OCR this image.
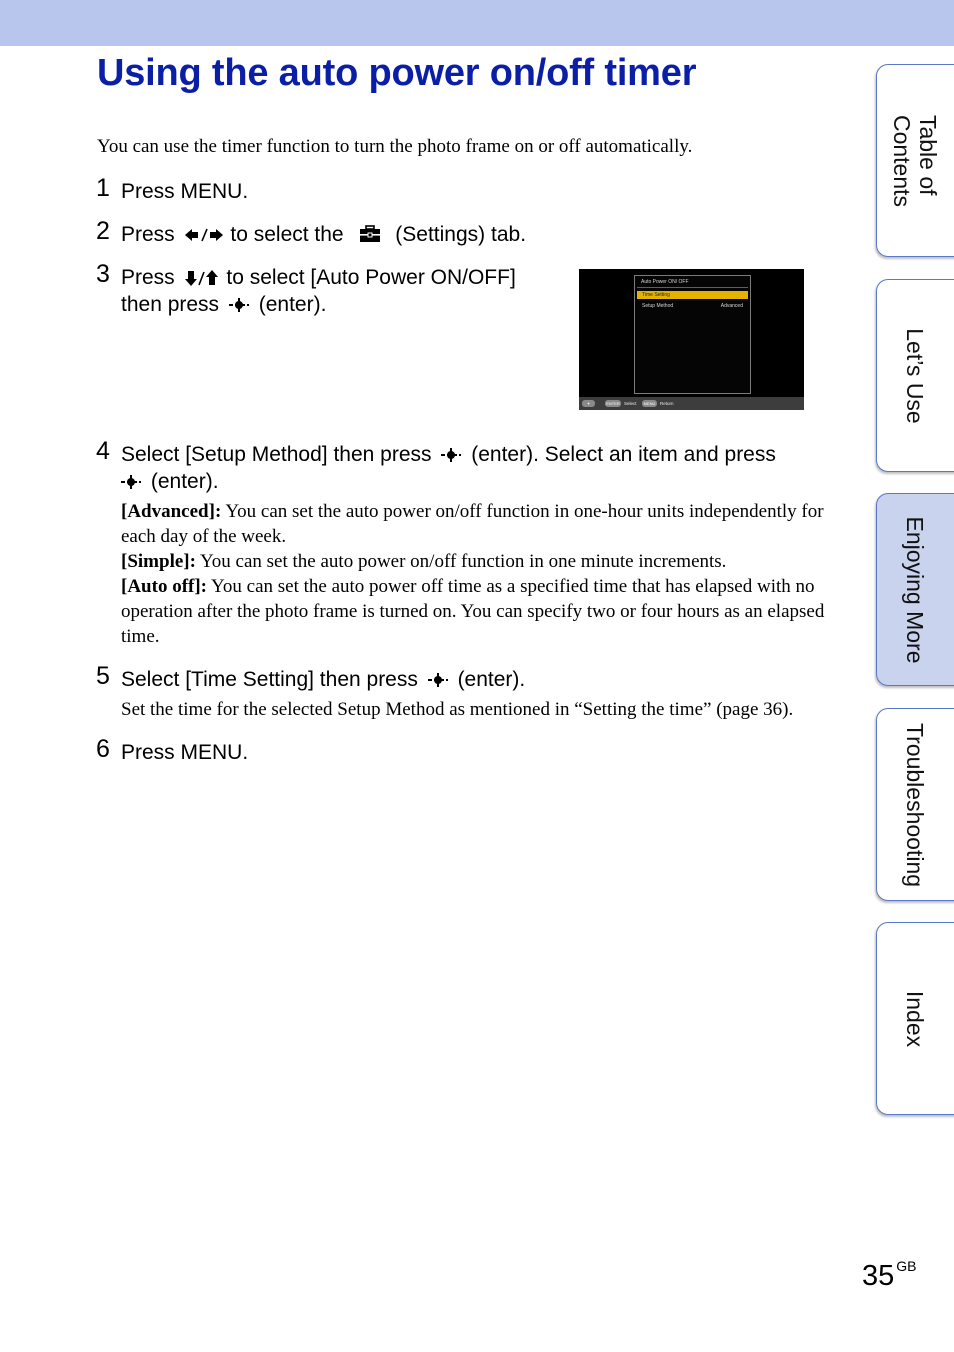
Using the auto power on/off timer
You can use the timer function to turn the photo frame on or off automatically.
1 Press MENU.
2 Press	to select the (Settings) tab.
3 Press to select [Auto Power ON/OFF]
then press (enter).
Auto Power ON/ OFF
Time Setting
Setup Method	Advanced
✦	ENTER Select	MENU	Return
4 Select [Setup Method] then press (enter). Select an item and press
(enter).
[Advanced]: You can set the auto power on/off function in one-hour units independently for each day of the week.
[Simple]: You can set the auto power on/off function in one minute increments.
[Auto off]: You can set the auto power off time as a specified time that has elapsed with no operation after the photo frame is turned on. You can specify two or four hours as an elapsed time.
5 Select [Time Setting] then press (enter).
Set the time for the selected Setup Method as mentioned in “Setting the time” (page 36).
6 Press MENU.
Table of
Contents
Let’s Use
Enjoying More
Troubleshooting
Index
35 $^{GB}$
